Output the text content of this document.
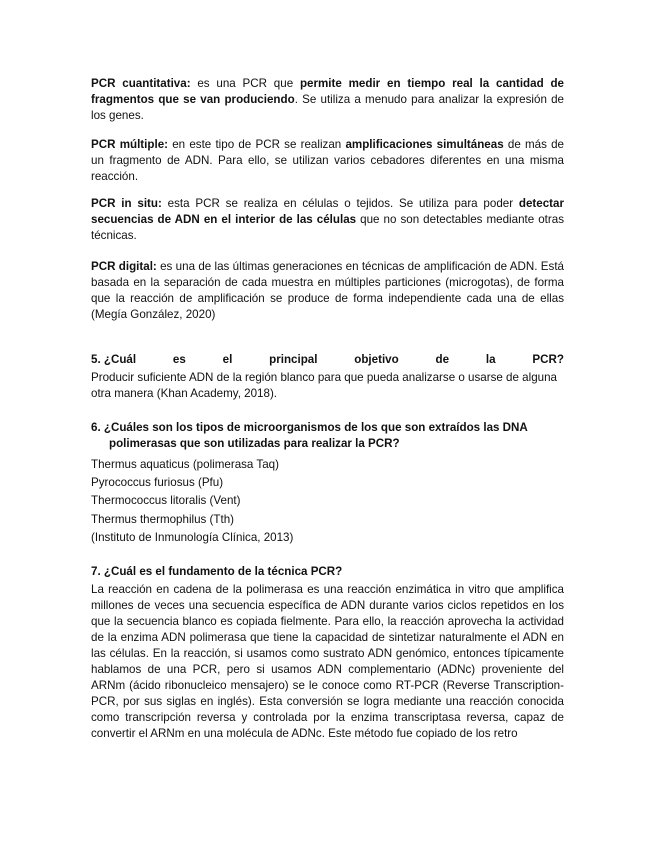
PCR cuantitativa: es una PCR que permite medir en tiempo real la cantidad de fragmentos que se van produciendo. Se utiliza a menudo para analizar la expresión de los genes.
PCR múltiple: en este tipo de PCR se realizan amplificaciones simultáneas de más de un fragmento de ADN. Para ello, se utilizan varios cebadores diferentes en una misma reacción.
PCR in situ: esta PCR se realiza en células o tejidos. Se utiliza para poder detectar secuencias de ADN en el interior de las células que no son detectables mediante otras técnicas.
PCR digital: es una de las últimas generaciones en técnicas de amplificación de ADN. Está basada en la separación de cada muestra en múltiples particiones (microgotas), de forma que la reacción de amplificación se produce de forma independiente cada una de ellas (Megía González, 2020)
5. ¿Cuál	es	el	principal	objetivo	de	la	PCR?
Producir suficiente ADN de la región blanco para que pueda analizarse o usarse de alguna otra manera (Khan Academy, 2018).
6. ¿Cuáles son los tipos de microorganismos de los que son extraídos las DNA polimerasas que son utilizadas para realizar la PCR?
Thermus aquaticus (polimerasa Taq)
Pyrococcus furiosus (Pfu)
Thermococcus litoralis (Vent)
Thermus thermophilus (Tth)
(Instituto de Inmunología Clínica, 2013)
7. ¿Cuál es el fundamento de la técnica PCR?
La reacción en cadena de la polimerasa es una reacción enzimática in vitro que amplifica millones de veces una secuencia específica de ADN durante varios ciclos repetidos en los que la secuencia blanco es copiada fielmente. Para ello, la reacción aprovecha la actividad de la enzima ADN polimerasa que tiene la capacidad de sintetizar naturalmente el ADN en las células. En la reacción, si usamos como sustrato ADN genómico, entonces típicamente hablamos de una PCR, pero si usamos ADN complementario (ADNc) proveniente del ARNm (ácido ribonucleico mensajero) se le conoce como RT-PCR (Reverse Transcription-PCR, por sus siglas en inglés). Esta conversión se logra mediante una reacción conocida como transcripción reversa y controlada por la enzima transcriptasa reversa, capaz de convertir el ARNm en una molécula de ADNc. Este método fue copiado de los retro
